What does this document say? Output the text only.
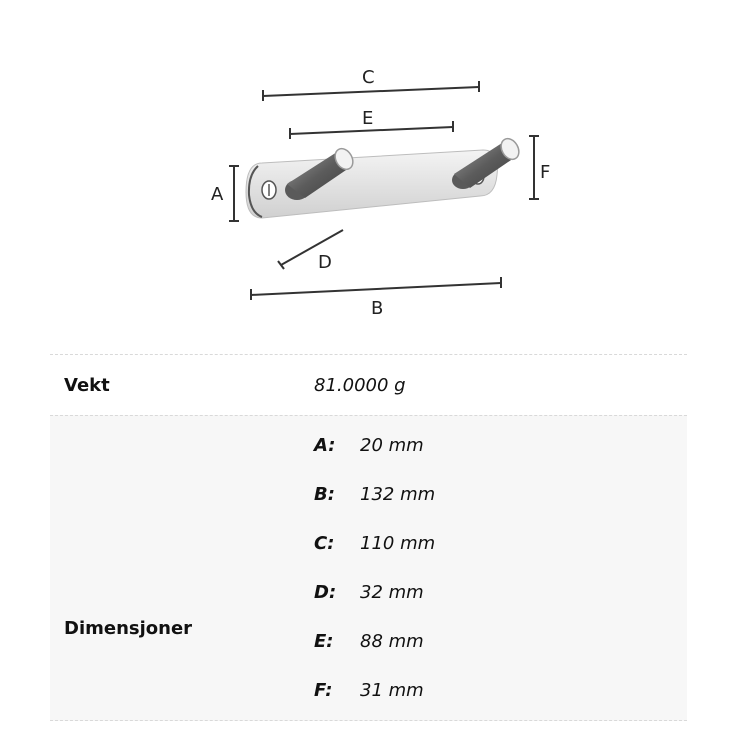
C
E
A
F
D
B
Vekt	81.0000 g
Dimensjoner
A: 20 mm
B: 132 mm
C: 110 mm
D: 32 mm
E: 88 mm
F: 31 mm
